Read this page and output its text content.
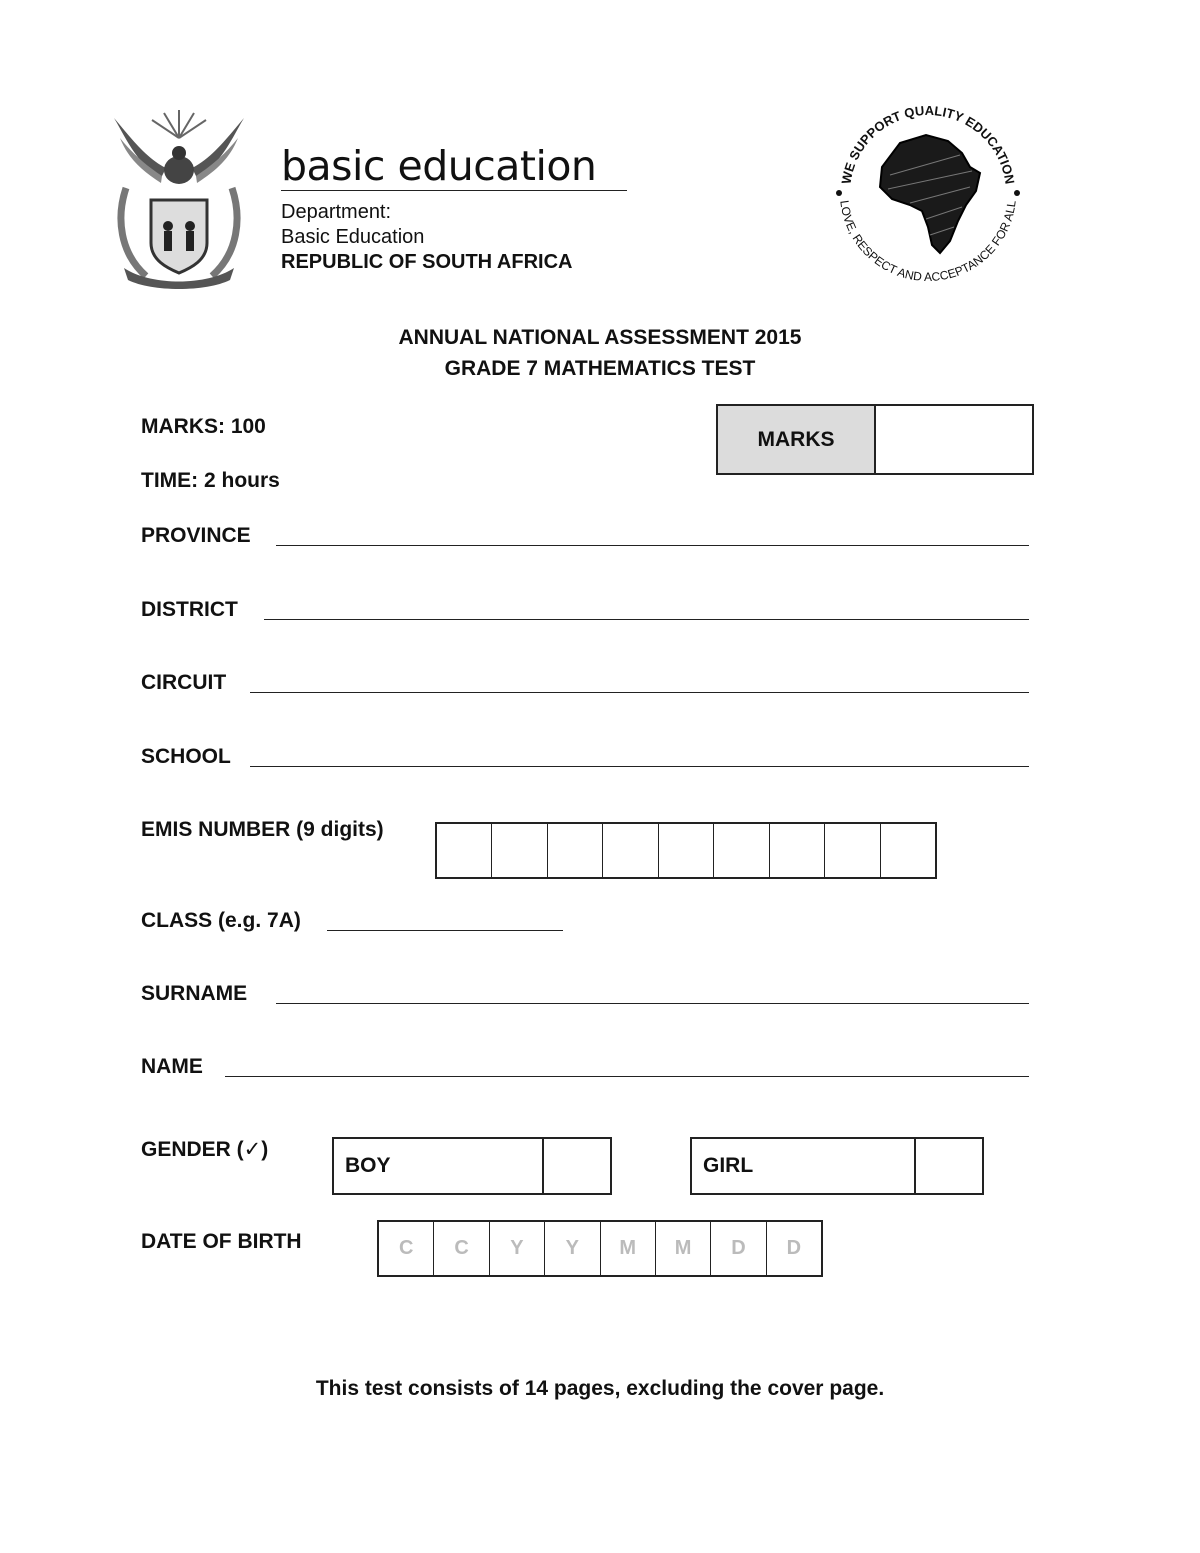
basic education
Department:
Basic Education
REPUBLIC OF SOUTH AFRICA
WE SUPPORT QUALITY EDUCATION
LOVE, RESPECT AND ACCEPTANCE FOR ALL
ANNUAL NATIONAL ASSESSMENT 2015
GRADE 7 MATHEMATICS TEST
MARKS: 100
TIME: 2 hours
MARKS
PROVINCE
DISTRICT
CIRCUIT
SCHOOL
EMIS NUMBER (9 digits)
CLASS (e.g. 7A)
SURNAME
NAME
GENDER (✓)
BOY	GIRL
DATE OF BIRTH	C	C	Y	Y	M	M	D	D
This test consists of 14 pages, excluding the cover page.
